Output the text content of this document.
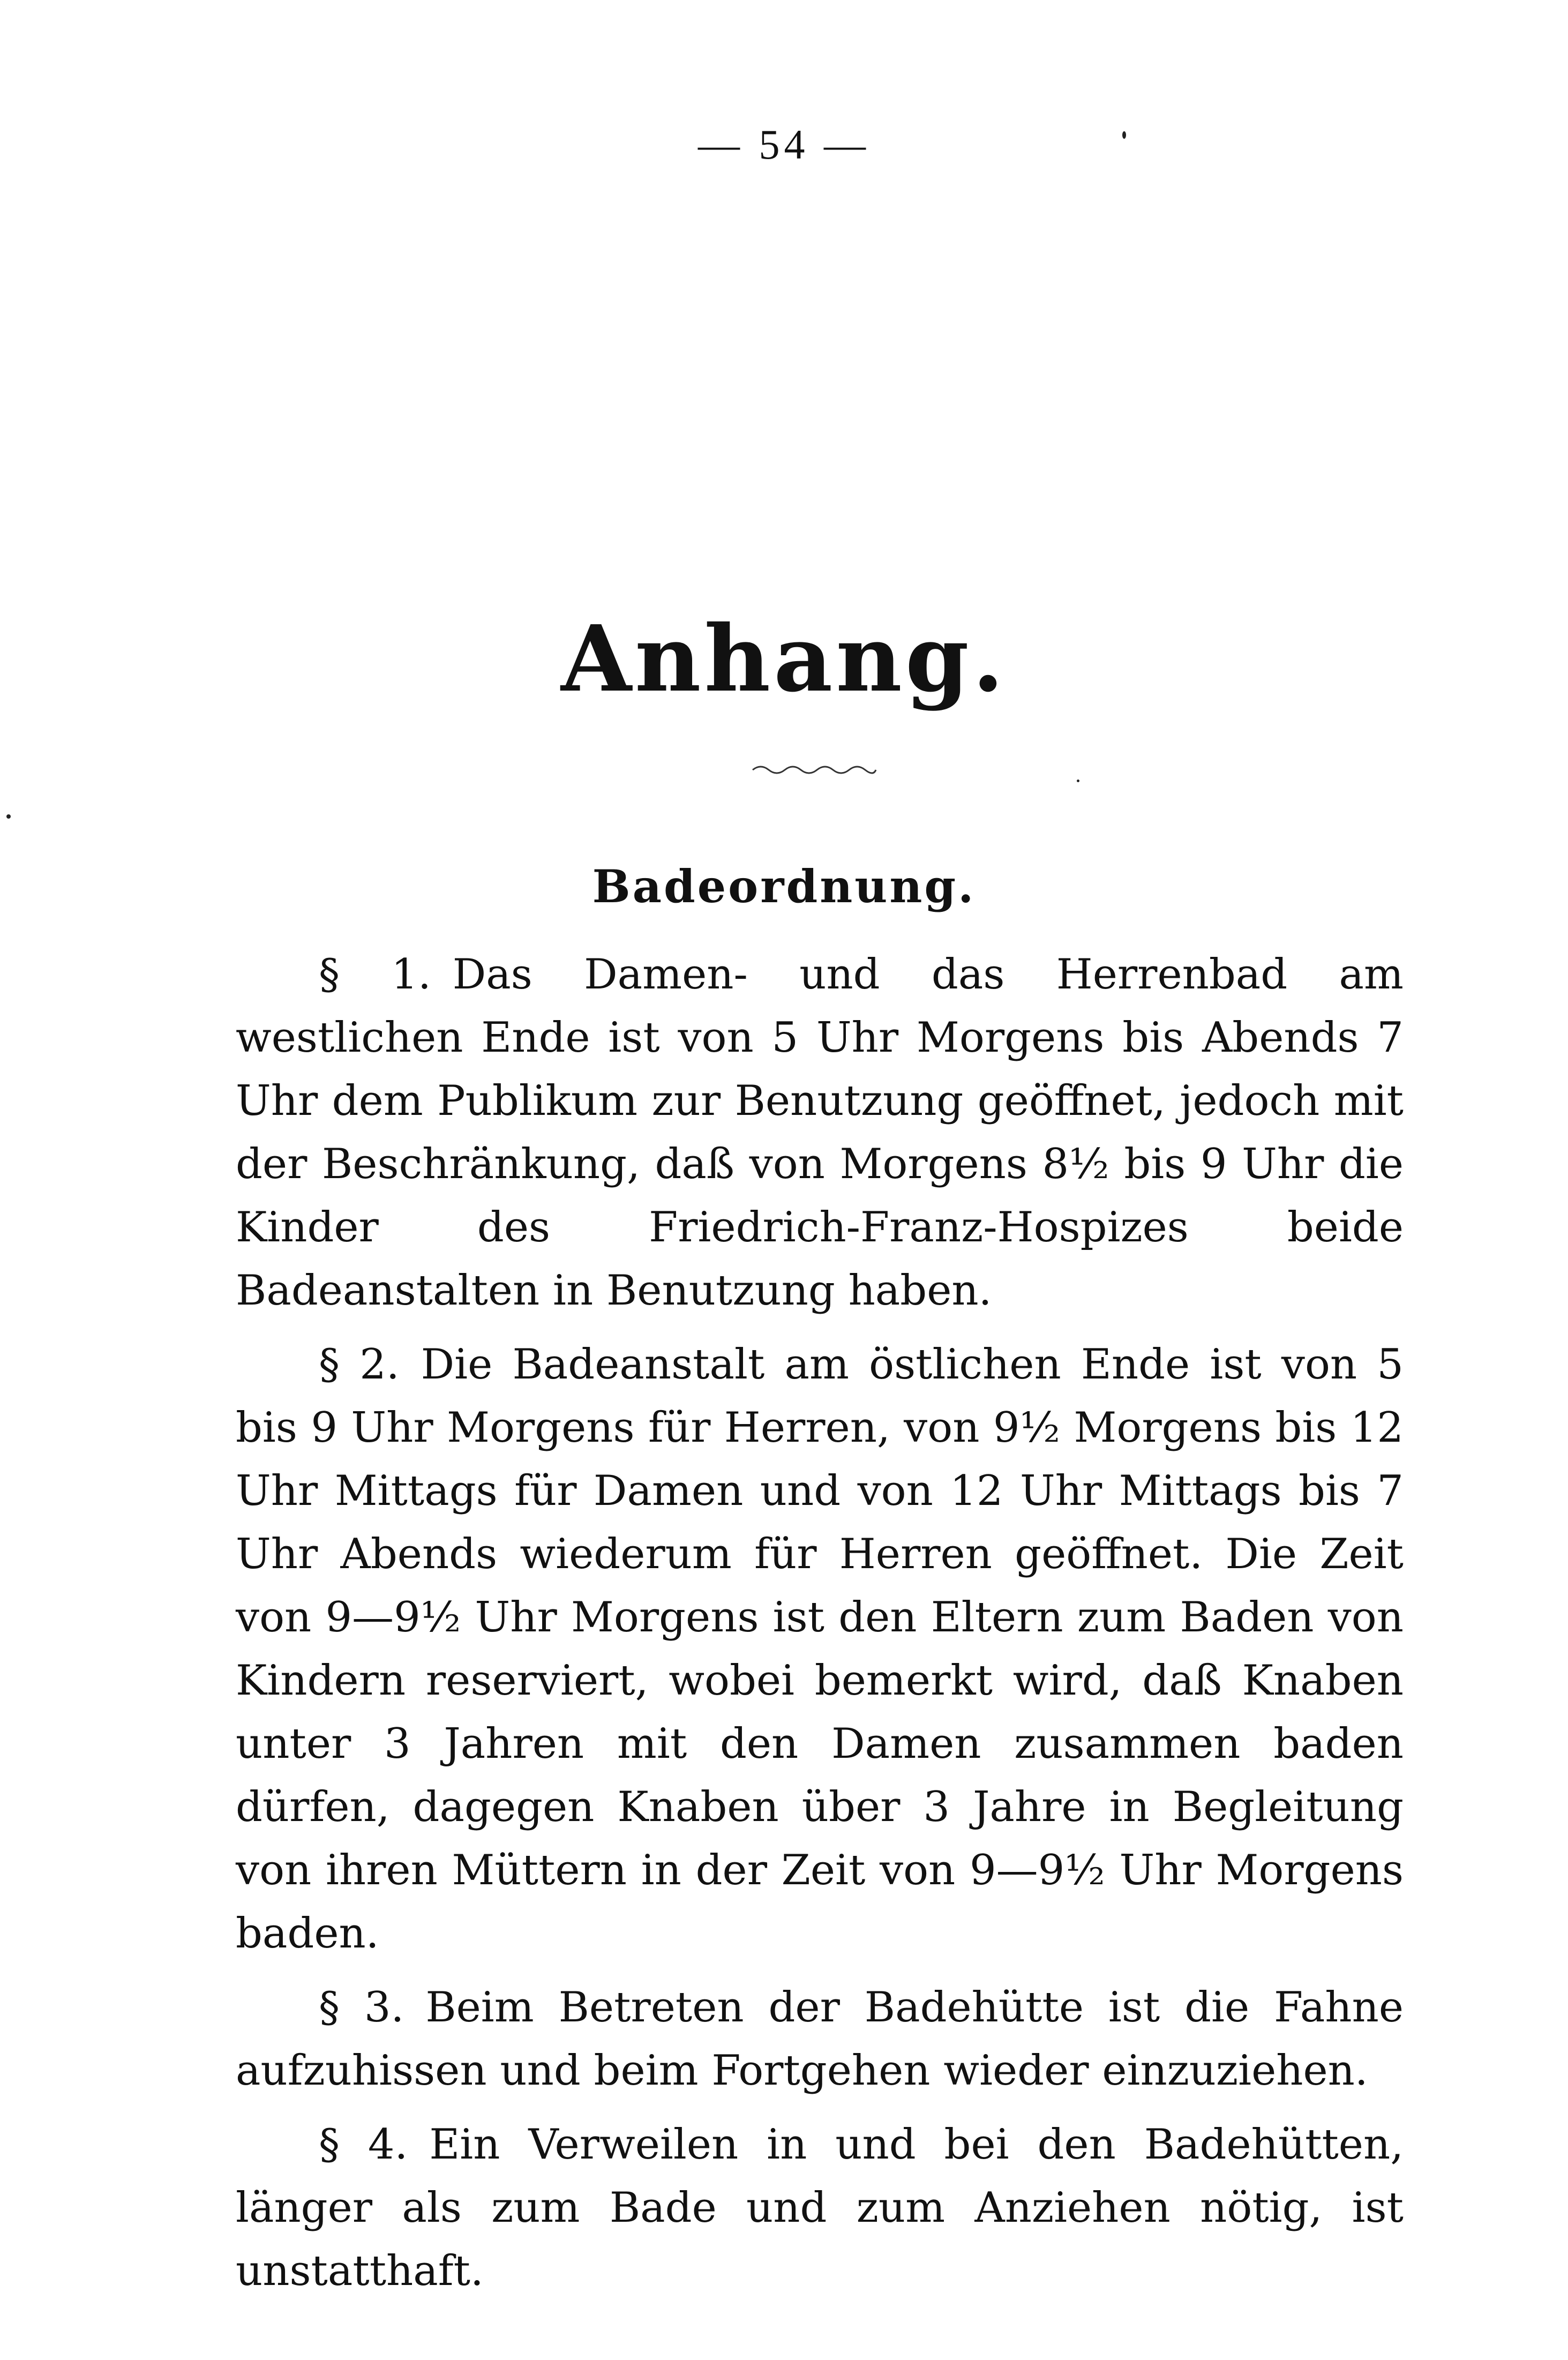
— 54 —
Anhang.
Badeordnung.

§ 1. Das Damen- und das Herrenbad am westlichen Ende ist von 5 Uhr Morgens bis Abends 7 Uhr dem Publikum zur Benutzung geöffnet, jedoch mit der Beschränkung, daß von Morgens 8½ bis 9 Uhr die Kinder des Friedrich-Franz-Hospizes beide Badeanstalten in Benutzung haben.

§ 2. Die Badeanstalt am östlichen Ende ist von 5 bis 9 Uhr Morgens für Herren, von 9½ Morgens bis 12 Uhr Mittags für Damen und von 12 Uhr Mittags bis 7 Uhr Abends wiederum für Herren geöffnet. Die Zeit von 9—9½ Uhr Morgens ist den Eltern zum Baden von Kindern reserviert, wobei bemerkt wird, daß Knaben unter 3 Jahren mit den Damen zusammen baden dürfen, dagegen Knaben über 3 Jahre in Begleitung von ihren Müttern in der Zeit von 9—9½ Uhr Morgens baden.

§ 3. Beim Betreten der Badehütte ist die Fahne aufzuhissen und beim Fortgehen wieder einzuziehen.

§ 4. Ein Verweilen in und bei den Badehütten, länger als zum Bade und zum Anziehen nötig, ist unstatthaft.
